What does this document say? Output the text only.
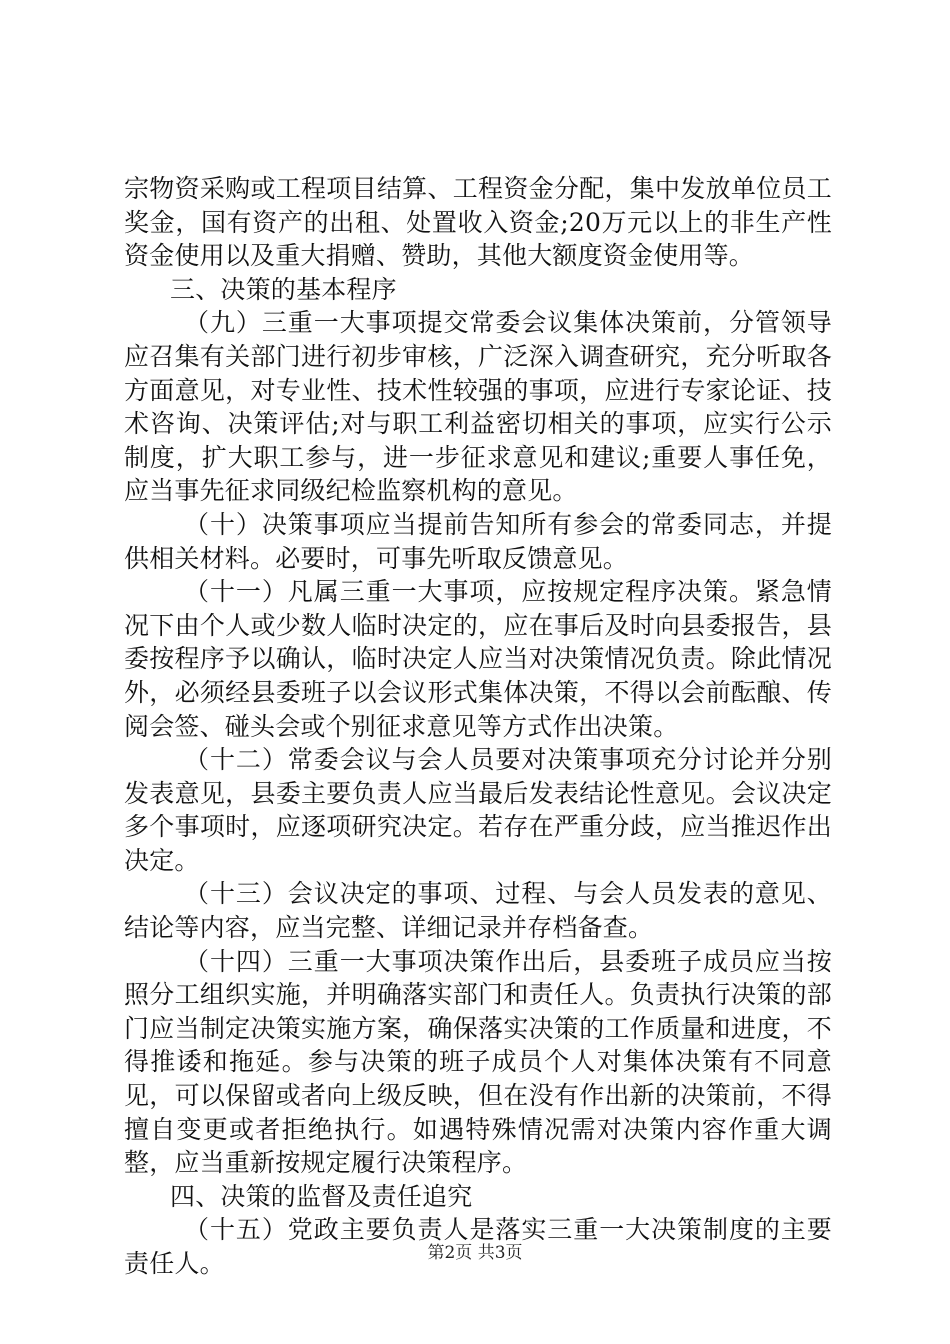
宗物资采购或工程项目结算、工程资金分配，集中发放单位员工奖金，国有资产的出租、处置收入资金;20万元以上的非生产性资金使用以及重大捐赠、赞助，其他大额度资金使用等。

三、决策的基本程序

（九）三重一大事项提交常委会议集体决策前，分管领导应召集有关部门进行初步审核，广泛深入调查研究，充分听取各方面意见，对专业性、技术性较强的事项，应进行专家论证、技术咨询、决策评估;对与职工利益密切相关的事项，应实行公示制度，扩大职工参与，进一步征求意见和建议;重要人事任免，应当事先征求同级纪检监察机构的意见。

（十）决策事项应当提前告知所有参会的常委同志，并提供相关材料。必要时，可事先听取反馈意见。

（十一）凡属三重一大事项，应按规定程序决策。紧急情况下由个人或少数人临时决定的，应在事后及时向县委报告，县委按程序予以确认，临时决定人应当对决策情况负责。除此情况外，必须经县委班子以会议形式集体决策，不得以会前酝酿、传阅会签、碰头会或个别征求意见等方式作出决策。

（十二）常委会议与会人员要对决策事项充分讨论并分别发表意见，县委主要负责人应当最后发表结论性意见。会议决定多个事项时，应逐项研究决定。若存在严重分歧，应当推迟作出决定。

（十三）会议决定的事项、过程、与会人员发表的意见、结论等内容，应当完整、详细记录并存档备查。

（十四）三重一大事项决策作出后，县委班子成员应当按照分工组织实施，并明确落实部门和责任人。负责执行决策的部门应当制定决策实施方案，确保落实决策的工作质量和进度，不得推诿和拖延。参与决策的班子成员个人对集体决策有不同意见，可以保留或者向上级反映，但在没有作出新的决策前，不得擅自变更或者拒绝执行。如遇特殊情况需对决策内容作重大调整，应当重新按规定履行决策程序。

四、决策的监督及责任追究

（十五）党政主要负责人是落实三重一大决策制度的主要责任人。	第2页 共3页
